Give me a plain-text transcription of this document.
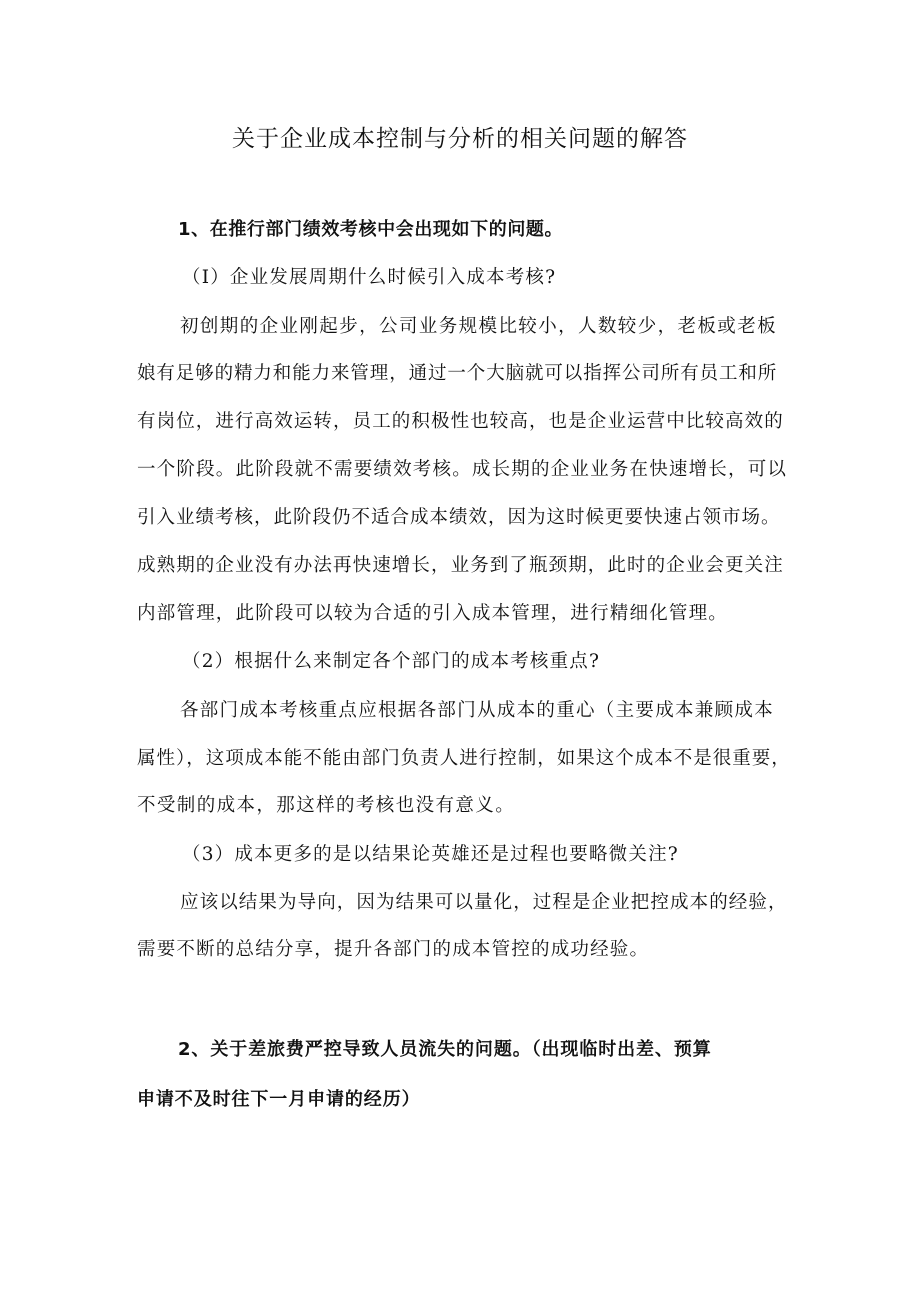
关于企业成本控制与分析的相关问题的解答
1、在推行部门绩效考核中会出现如下的问题。
（I）企业发展周期什么时候引入成本考核?
初创期的企业刚起步，公司业务规模比较小，人数较少，老板或老板
娘有足够的精力和能力来管理，通过一个大脑就可以指挥公司所有员工和所
有岗位，进行高效运转，员工的积极性也较高，也是企业运营中比较高效的
一个阶段。此阶段就不需要绩效考核。成长期的企业业务在快速增长，可以
引入业绩考核，此阶段仍不适合成本绩效，因为这时候更要快速占领市场。
成熟期的企业没有办法再快速增长，业务到了瓶颈期，此时的企业会更关注
内部管理，此阶段可以较为合适的引入成本管理，进行精细化管理。
（2）根据什么来制定各个部门的成本考核重点?
各部门成本考核重点应根据各部门从成本的重心（主要成本兼顾成本
属性），这项成本能不能由部门负责人进行控制，如果这个成本不是很重要，
不受制的成本，那这样的考核也没有意义。
（3）成本更多的是以结果论英雄还是过程也要略微关注?
应该以结果为导向，因为结果可以量化，过程是企业把控成本的经验，
需要不断的总结分享，提升各部门的成本管控的成功经验。
2、关于差旅费严控导致人员流失的问题。（出现临时出差、预算
申请不及时往下一月申请的经历）
